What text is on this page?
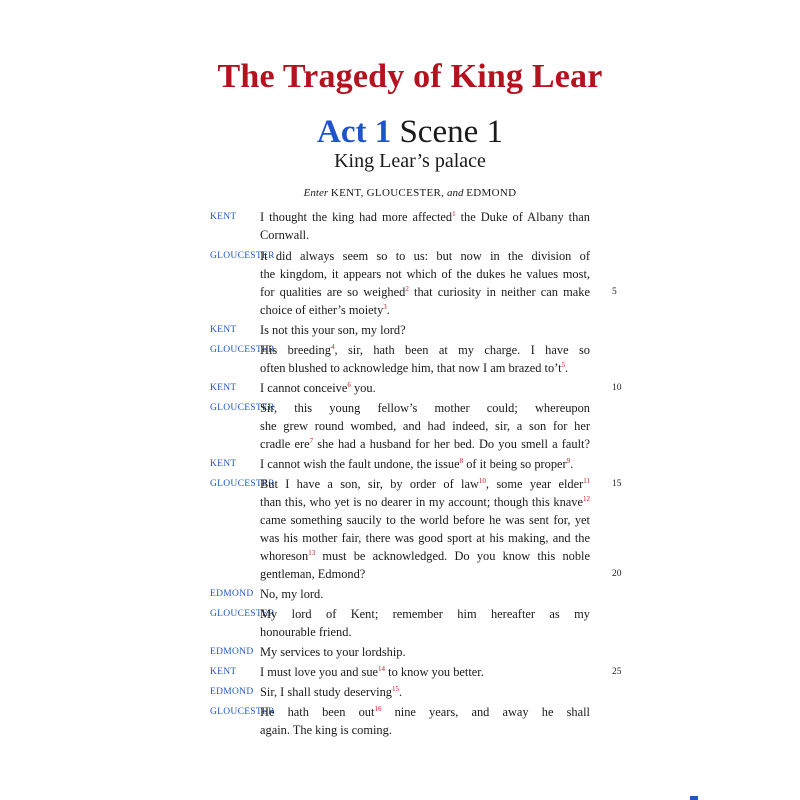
The Tragedy of King Lear
Act 1 Scene 1
King Lear’s palace
Enter KENT, GLOUCESTER, and EDMOND
KENT I thought the king had more affected$^1$ the Duke of Albany than
Cornwall.
GLOUCESTER
It did always seem so to us: but now in the division of
the kingdom, it appears not which of the dukes he values most,
for qualities are so weighed$^2$ that curiosity in neither can make 5
choice of either’s moiety$^3$.
KENT Is not this your son, my lord?
GLOUCESTER
His breeding$^4$, sir, hath been at my charge. I have so
often blushed to acknowledge him, that now I am brazed to’t$^5$.
KENT I cannot conceive$^6$ you.	10
GLOUCESTER
Sir, this young fellow’s mother could; whereupon
she grew round wombed, and had indeed, sir, a son for her
cradle ere$^7$ she had a husband for her bed. Do you smell a fault?
KENT I cannot wish the fault undone, the issue$^8$ of it being so proper$^9$.
GLOUCESTER
But I have a son, sir, by order of law$^{10}$, some year elder$^{11}$ 15
than this, who yet is no dearer in my account; though this knave$^{12}$
came something saucily to the world before he was sent for, yet
was his mother fair, there was good sport at his making, and the
whoreson$^{13}$ must be acknowledged. Do you know this noble
gentleman, Edmond?	20
EDMOND No, my lord.
GLOUCESTER
My lord of Kent; remember him hereafter as my
honourable friend.
EDMOND My services to your lordship.
KENT I must love you and sue$^{14}$ to know you better.	25
EDMOND Sir, I shall study deserving$^{15}$.
GLOUCESTER
He hath been out$^{16}$ nine years, and away he shall
again. The king is coming.
